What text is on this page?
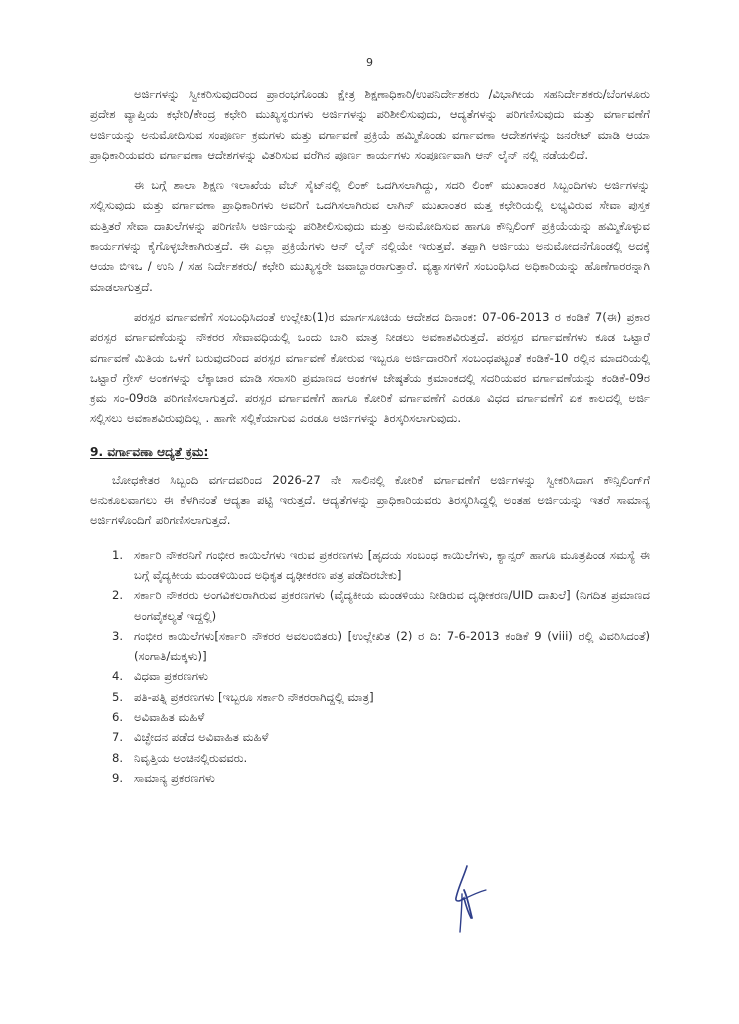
9

ಅರ್ಜಿಗಳನ್ನು ಸ್ವೀಕರಿಸುವುದರಿಂದ ಪ್ರಾರಂಭಗೊಂಡು ಕ್ಷೇತ್ರ ಶಿಕ್ಷಣಾಧಿಕಾರಿ/ಉಪನಿರ್ದೇಶಕರು /ವಿಭಾಗೀಯ ಸಹನಿರ್ದೇಶಕರು/ಬೆಂಗಳೂರು ಪ್ರದೇಶ ವ್ಯಾಪ್ತಿಯ ಕಛೇರಿ/ಕೇಂದ್ರ ಕಛೇರಿ ಮುಖ್ಯಸ್ಥರುಗಳು ಅರ್ಜಿಗಳನ್ನು ಪರಿಶೀಲಿಸುವುದು, ಆದ್ಯತೆಗಳನ್ನು ಪರಿಗಣಿಸುವುದು ಮತ್ತು ವರ್ಗಾವಣೆಗೆ ಅರ್ಜಿಯನ್ನು ಅನುಮೋದಿಸುವ ಸಂಪೂರ್ಣ ಕ್ರಮಗಳು ಮತ್ತು ವರ್ಗಾವಣೆ ಪ್ರಕ್ರಿಯೆ ಹಮ್ಮಿಕೊಂಡು ವರ್ಗಾವಣಾ ಆದೇಶಗಳನ್ನು ಜನರೇಟ್ ಮಾಡಿ ಆಯಾ ಪ್ರಾಧಿಕಾರಿಯವರು ವರ್ಗಾವಣಾ ಆದೇಶಗಳನ್ನು ವಿತರಿಸುವ ವರೆಗಿನ ಪೂರ್ಣ ಕಾರ್ಯಗಳು ಸಂಪೂರ್ಣವಾಗಿ ಆನ್ ಲೈನ್ ನಲ್ಲಿ ನಡೆಯಲಿದೆ.

ಈ ಬಗ್ಗೆ ಶಾಲಾ ಶಿಕ್ಷಣ ಇಲಾಖೆಯ ವೆಬ್ ಸೈಟ್‌ನಲ್ಲಿ ಲಿಂಕ್ ಒದಗಿಸಲಾಗಿದ್ದು, ಸದರಿ ಲಿಂಕ್ ಮುಖಾಂತರ ಸಿಬ್ಬಂದಿಗಳು ಅರ್ಜಿಗಳನ್ನು ಸಲ್ಲಿಸುವುದು ಮತ್ತು ವರ್ಗಾವಣಾ ಪ್ರಾಧಿಕಾರಿಗಳು ಅವರಿಗೆ ಒದಗಿಸಲಾಗಿರುವ ಲಾಗಿನ್ ಮುಖಾಂತರ ಮತ್ತ ಕಛೇರಿಯಲ್ಲಿ ಲಭ್ಯವಿರುವ ಸೇವಾ ಪುಸ್ತಕ ಮತ್ತಿತರೆ ಸೇವಾ ದಾಖಲೆಗಳನ್ನು ಪರಿಗಣಿಸಿ ಅರ್ಜಿಯನ್ನು ಪರಿಶೀಲಿಸುವುದು ಮತ್ತು ಅನುಮೋದಿಸುವ ಹಾಗೂ ಕೌನ್ಸಿಲಿಂಗ್ ಪ್ರಕ್ರಿಯೆಯನ್ನು ಹಮ್ಮಿಕೊಳ್ಳುವ ಕಾರ್ಯಗಳನ್ನು ಕೈಗೊಳ್ಳಬೇಕಾಗಿರುತ್ತದೆ. ಈ ಎಲ್ಲಾ ಪ್ರಕ್ರಿಯೆಗಳು ಆನ್ ಲೈನ್ ನಲ್ಲಿಯೇ ಇರುತ್ತವೆ. ತಪ್ಪಾಗಿ ಅರ್ಜಿಯು ಅನುಮೋದನೆಗೊಂಡಲ್ಲಿ ಅದಕ್ಕೆ ಆಯಾ ಬಿಇಒ / ಉನಿ / ಸಹ ನಿರ್ದೇಶಕರು/ ಕಛೇರಿ ಮುಖ್ಯಸ್ಥರೇ ಜವಾಬ್ದಾರರಾಗುತ್ತಾರೆ. ವ್ಯತ್ಯಾಸಗಳಿಗೆ ಸಂಬಂಧಿಸಿದ ಅಧಿಕಾರಿಯನ್ನು ಹೊಣೆಗಾರರನ್ನಾಗಿ ಮಾಡಲಾಗುತ್ತದೆ.

ಪರಸ್ಪರ ವರ್ಗಾವಣೆಗೆ ಸಂಬಂಧಿಸಿದಂತೆ ಉಲ್ಲೇಖ(1)ರ ಮಾರ್ಗಸೂಚಿಯ ಆದೇಶದ ದಿನಾಂಕ: 07-06-2013 ರ ಕಂಡಿಕೆ 7(ಈ) ಪ್ರಕಾರ ಪರಸ್ಪರ ವರ್ಗಾವಣೆಯನ್ನು ನೌಕರರ ಸೇವಾವಧಿಯಲ್ಲಿ ಒಂದು ಬಾರಿ ಮಾತ್ರ ನೀಡಲು ಅವಕಾಶವಿರುತ್ತದೆ. ಪರಸ್ಪರ ವರ್ಗಾವಣೆಗಳು ಕೂಡ ಒಟ್ಟಾರೆ ವರ್ಗಾವಣೆ ಮಿತಿಯ ಒಳಗೆ ಬರುವುದರಿಂದ ಪರಸ್ಪರ ವರ್ಗಾವಣೆ ಕೋರುವ ಇಬ್ಬರೂ ಅರ್ಜಿದಾರರಿಗೆ ಸಂಬಂಧಪಟ್ಟಂತೆ ಕಂಡಿಕೆ-10 ರಲ್ಲಿನ ಮಾದರಿಯಲ್ಲಿ ಒಟ್ಟಾರೆ ಗ್ರೇಸ್ ಅಂಕಗಳನ್ನು ಲೆಕ್ಕಾಚಾರ ಮಾಡಿ ಸರಾಸರಿ ಪ್ರಮಾಣದ ಅಂಕಗಳ ಜೇಷ್ಠತೆಯ ಕ್ರಮಾಂಕದಲ್ಲಿ ಸದರಿಯವರ ವರ್ಗಾವಣೆಯನ್ನು ಕಂಡಿಕೆ-09ರ ಕ್ರಮ ಸಂ-09ರಡಿ ಪರಿಗಣಿಸಲಾಗುತ್ತದೆ. ಪರಸ್ಪರ ವರ್ಗಾವಣೆಗೆ ಹಾಗೂ ಕೋರಿಕೆ ವರ್ಗಾವಣೆಗೆ ಎರಡೂ ವಿಧದ ವರ್ಗಾವಣೆಗೆ ಏಕ ಕಾಲದಲ್ಲಿ ಅರ್ಜಿ ಸಲ್ಲಿಸಲು ಅವಕಾಶವಿರುವುದಿಲ್ಲ . ಹಾಗೇ ಸಲ್ಲಿಕೆಯಾಗುವ ಎರಡೂ ಅರ್ಜಿಗಳನ್ನು ತಿರಸ್ಕರಿಸಲಾಗುವುದು.

9. ವರ್ಗಾವಣಾ ಆದ್ಯತೆ ಕ್ರಮ:

ಬೋಧಕೇತರ ಸಿಬ್ಬಂದಿ ವರ್ಗದವರಿಂದ 2026-27 ನೇ ಸಾಲಿನಲ್ಲಿ ಕೋರಿಕೆ ವರ್ಗಾವಣೆಗೆ ಅರ್ಜಿಗಳನ್ನು ಸ್ವೀಕರಿಸಿದಾಗ ಕೌನ್ಸಿಲಿಂಗ್‌ಗೆ ಅನುಕೂಲವಾಗಲು ಈ ಕೆಳಗಿನಂತೆ ಆದ್ಯತಾ ಪಟ್ಟಿ ಇರುತ್ತದೆ. ಆದ್ಯತೆಗಳನ್ನು ಪ್ರಾಧಿಕಾರಿಯವರು ತಿರಸ್ಕರಿಸಿದ್ದಲ್ಲಿ ಅಂತಹ ಅರ್ಜಿಯನ್ನು ಇತರೆ ಸಾಮಾನ್ಯ ಅರ್ಜಿಗಳೊಂದಿಗೆ ಪರಿಗಣಿಸಲಾಗುತ್ತದೆ.

1. ಸರ್ಕಾರಿ ನೌಕರನಿಗೆ ಗಂಭೀರ ಕಾಯಿಲೆಗಳು ಇರುವ ಪ್ರಕರಣಗಳು [ಹೃದಯ ಸಂಬಂಧ ಕಾಯಿಲೆಗಳು, ಕ್ಯಾನ್ಸರ್ ಹಾಗೂ ಮೂತ್ರಪಿಂಡ ಸಮಸ್ಯೆ ಈ ಬಗ್ಗೆ ವೈದ್ಯಕೀಯ ಮಂಡಳಿಯಿಂದ ಅಧಿಕೃತ ದೃಢೀಕರಣ ಪತ್ರ ಪಡೆದಿರಬೇಕು]
2. ಸರ್ಕಾರಿ ನೌಕರರು ಅಂಗವಿಕಲರಾಗಿರುವ ಪ್ರಕರಣಗಳು (ವೈದ್ಯಕೀಯ ಮಂಡಳಿಯು ನೀಡಿರುವ ದೃಢೀಕರಣ/UID ದಾಖಲೆ] (ನಿಗದಿತ ಪ್ರಮಾಣದ ಅಂಗವೈಕಲ್ಯತೆ ಇದ್ದಲ್ಲಿ)
3. ಗಂಭೀರ ಕಾಯಿಲೆಗಳು[ಸರ್ಕಾರಿ ನೌಕರರ ಅವಲಂಬಿತರು) [ಉಲ್ಲೇಖಿತ (2) ರ ದಿ: 7-6-2013 ಕಂಡಿಕೆ 9 (viii) ರಲ್ಲಿ ವಿವರಿಸಿದಂತೆ)(ಸಂಗಾತಿ/ಮಕ್ಕಳು)]
4. ವಿಧವಾ ಪ್ರಕರಣಗಳು
5. ಪತಿ-ಪತ್ನಿ ಪ್ರಕರಣಗಳು [ಇಬ್ಬರೂ ಸರ್ಕಾರಿ ನೌಕರರಾಗಿದ್ದಲ್ಲಿ ಮಾತ್ರ]
6. ಅವಿವಾಹಿತ ಮಹಿಳೆ
7. ವಿಚ್ಛೇದನ ಪಡೆದ ಅವಿವಾಹಿತ ಮಹಿಳೆ
8. ನಿವೃತ್ತಿಯ ಅಂಚಿನಲ್ಲಿರುವವರು.
9. ಸಾಮಾನ್ಯ ಪ್ರಕರಣಗಳು
